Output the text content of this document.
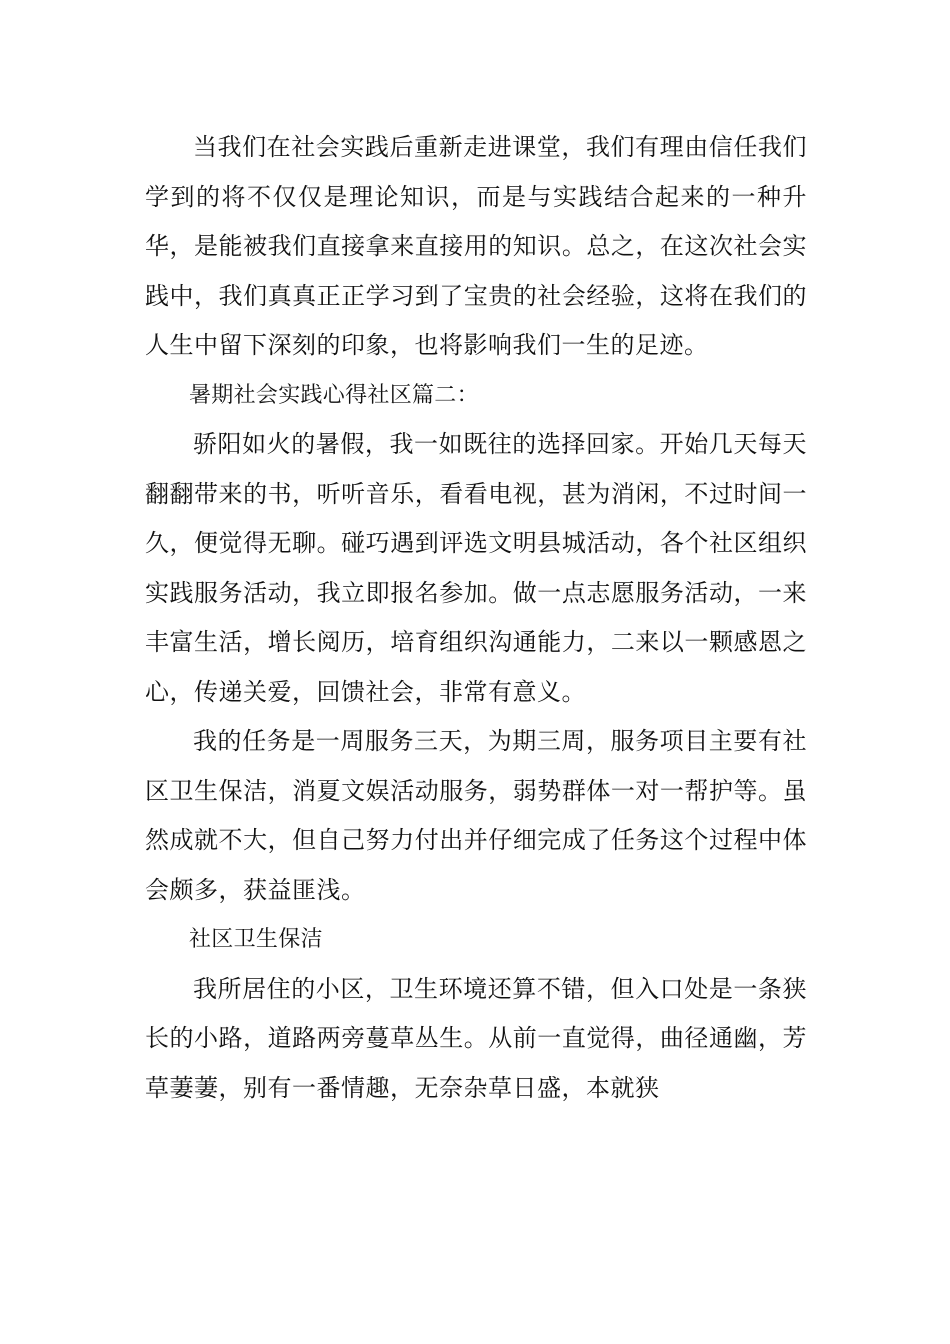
当我们在社会实践后重新走进课堂，我们有理由信任我们学到的将不仅仅是理论知识，而是与实践结合起来的一种升华，是能被我们直接拿来直接用的知识。总之，在这次社会实践中，我们真真正正学习到了宝贵的社会经验，这将在我们的人生中留下深刻的印象，也将影响我们一生的足迹。

暑期社会实践心得社区篇二：

骄阳如火的暑假，我一如既往的选择回家。开始几天每天翻翻带来的书，听听音乐，看看电视，甚为消闲，不过时间一久，便觉得无聊。碰巧遇到评选文明县城活动，各个社区组织实践服务活动，我立即报名参加。做一点志愿服务活动，一来丰富生活，增长阅历，培育组织沟通能力，二来以一颗感恩之心，传递关爱，回馈社会，非常有意义。

我的任务是一周服务三天，为期三周，服务项目主要有社区卫生保洁，消夏文娱活动服务，弱势群体一对一帮护等。虽然成就不大，但自己努力付出并仔细完成了任务这个过程中体会颇多，获益匪浅。

社区卫生保洁

我所居住的小区，卫生环境还算不错，但入口处是一条狭长的小路，道路两旁蔓草丛生。从前一直觉得，曲径通幽，芳草萋萋，别有一番情趣，无奈杂草日盛，本就狭
